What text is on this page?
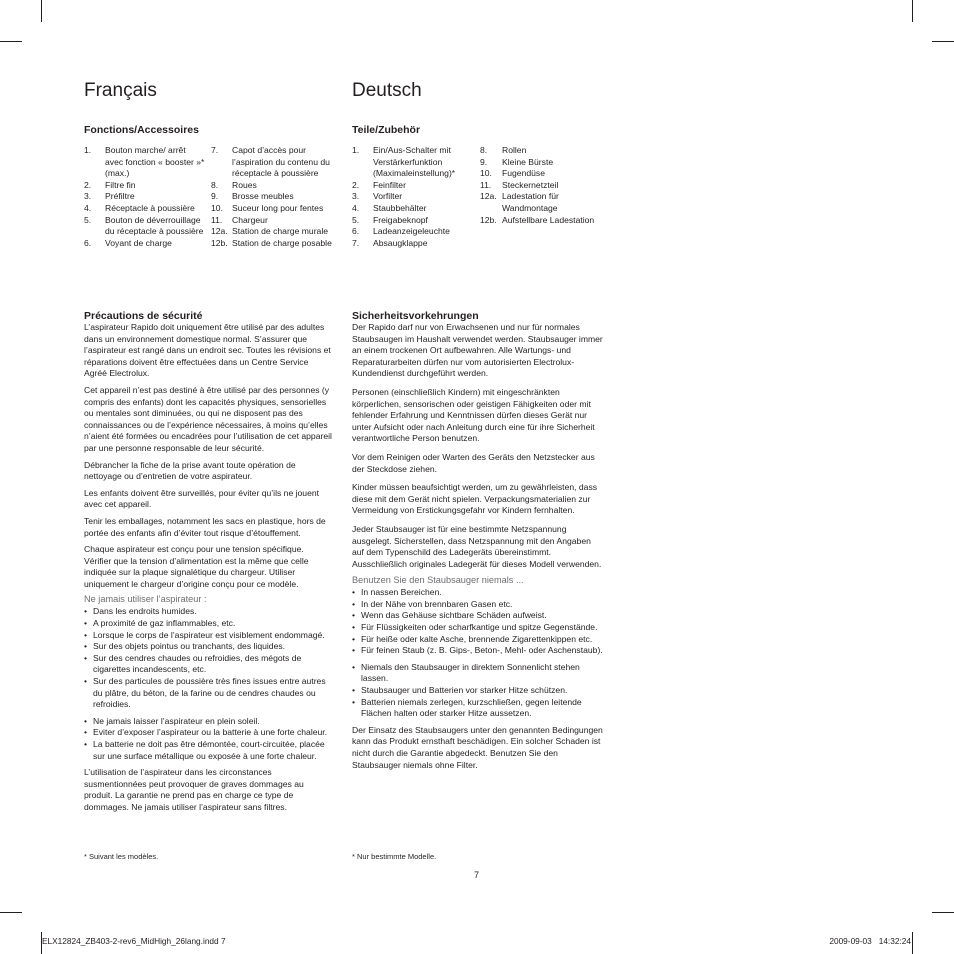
Français
Fonctions/Accessoires
1.	Bouton marche/ arrêt avec fonction « booster »* (max.)
2.	Filtre fin
3.	Préfiltre
4.	Réceptacle à poussière
5.	Bouton de déverrouillage du réceptacle à poussière
6.	Voyant de charge
7.	Capot d’accès pour l’aspiration du contenu du réceptacle à poussière
8.	Roues
9.	Brosse meubles
10.	Suceur long pour fentes
11.	Chargeur
12a. Station de charge murale
12b. Station de charge posable
Précautions de sécurité

L’aspirateur Rapido doit uniquement être utilisé par des adultes dans un environnement domestique normal. S’assurer que l’aspirateur est rangé dans un endroit sec. Toutes les révisions et réparations doivent être effectuées dans un Centre Service Agréé Electrolux.

Cet appareil n’est pas destiné à être utilisé par des personnes (y compris des enfants) dont les capacités physiques, sensorielles ou mentales sont diminuées, ou qui ne disposent pas des connaissances ou de l’expérience nécessaires, à moins qu’elles n’aient été formées ou encadrées pour l’utilisation de cet appareil par une personne responsable de leur sécurité.

Débrancher la fiche de la prise avant toute opération de nettoyage ou d’entretien de votre aspirateur.

Les enfants doivent être surveillés, pour éviter qu’ils ne jouent avec cet appareil.

Tenir les emballages, notamment les sacs en plastique, hors de portée des enfants afin d’éviter tout risque d’étouffement.

Chaque aspirateur est conçu pour une tension spécifique. Vérifier que la tension d’alimentation est la même que celle indiquée sur la plaque signalétique du chargeur. Utiliser uniquement le chargeur d’origine conçu pour ce modèle.

Ne jamais utiliser l’aspirateur :
• Dans les endroits humides.
• A proximité de gaz inflammables, etc.
• Lorsque le corps de l’aspirateur est visiblement endommagé.
• Sur des objets pointus ou tranchants, des liquides.
• Sur des cendres chaudes ou refroidies, des mégots de cigarettes incandescents, etc.
• Sur des particules de poussière très fines issues entre autres du plâtre, du béton, de la farine ou de cendres chaudes ou refroidies.
• Ne jamais laisser l’aspirateur en plein soleil.
• Eviter d’exposer l’aspirateur ou la batterie à une forte chaleur.
• La batterie ne doit pas être démontée, court-circuitée, placée sur une surface métallique ou exposée à une forte chaleur.

L’utilisation de l’aspirateur dans les circonstances susmentionnées peut provoquer de graves dommages au produit. La garantie ne prend pas en charge ce type de dommages. Ne jamais utiliser l’aspirateur sans filtres.

* Suivant les modèles.
Deutsch
Teile/Zubehör
1.	Ein/Aus-Schalter mit Verstärkerfunktion (Maximaleinstellung)*
2.	Feinfilter
3.	Vorfilter
4.	Staubbehälter
5.	Freigabeknopf
6.	Ladeanzeigeleuchte
7.	Absaugklappe
8.	Rollen
9.	Kleine Bürste
10.	Fugendüse
11.	Steckernetzteil
12a. Ladestation für Wandmontage
12b. Aufstellbare Ladestation
Sicherheitsvorkehrungen

Der Rapido darf nur von Erwachsenen und nur für normales Staubsaugen im Haushalt verwendet werden. Staubsauger immer an einem trockenen Ort aufbewahren. Alle Wartungs- und Reparaturarbeiten dürfen nur vom autorisierten Electrolux-Kundendienst durchgeführt werden.

Personen (einschließlich Kindern) mit eingeschränkten körperlichen, sensorischen oder geistigen Fähigkeiten oder mit fehlender Erfahrung und Kenntnissen dürfen dieses Gerät nur unter Aufsicht oder nach Anleitung durch eine für ihre Sicherheit verantwortliche Person benutzen.

Vor dem Reinigen oder Warten des Geräts den Netzstecker aus der Steckdose ziehen.

Kinder müssen beaufsichtigt werden, um zu gewährleisten, dass diese mit dem Gerät nicht spielen. Verpackungsmaterialien zur Vermeidung von Erstickungsgefahr vor Kindern fernhalten.

Jeder Staubsauger ist für eine bestimmte Netzspannung ausgelegt. Sicherstellen, dass Netzspannung mit den Angaben auf dem Typenschild des Ladegeräts übereinstimmt. Ausschließlich originales Ladegerät für dieses Modell verwenden.

Benutzen Sie den Staubsauger niemals ...
• In nassen Bereichen.
• In der Nähe von brennbaren Gasen etc.
• Wenn das Gehäuse sichtbare Schäden aufweist.
• Für Flüssigkeiten oder scharfkantige und spitze Gegenstände.
• Für heiße oder kalte Asche, brennende Zigarettenkippen etc.
• Für feinen Staub (z. B. Gips-, Beton-, Mehl- oder Aschenstaub).
• Niemals den Staubsauger in direktem Sonnenlicht stehen lassen.
• Staubsauger und Batterien vor starker Hitze schützen.
• Batterien niemals zerlegen, kurzschließen, gegen leitende Flächen halten oder starker Hitze aussetzen.

Der Einsatz des Staubsaugers unter den genannten Bedingungen kann das Produkt ernsthaft beschädigen. Ein solcher Schaden ist nicht durch die Garantie abgedeckt. Benutzen Sie den Staubsauger niemals ohne Filter.

* Nur bestimmte Modelle.
7
ELX12824_ZB403-2-rev6_MidHigh_26lang.indd 7	2009-09-03   14:32:24
